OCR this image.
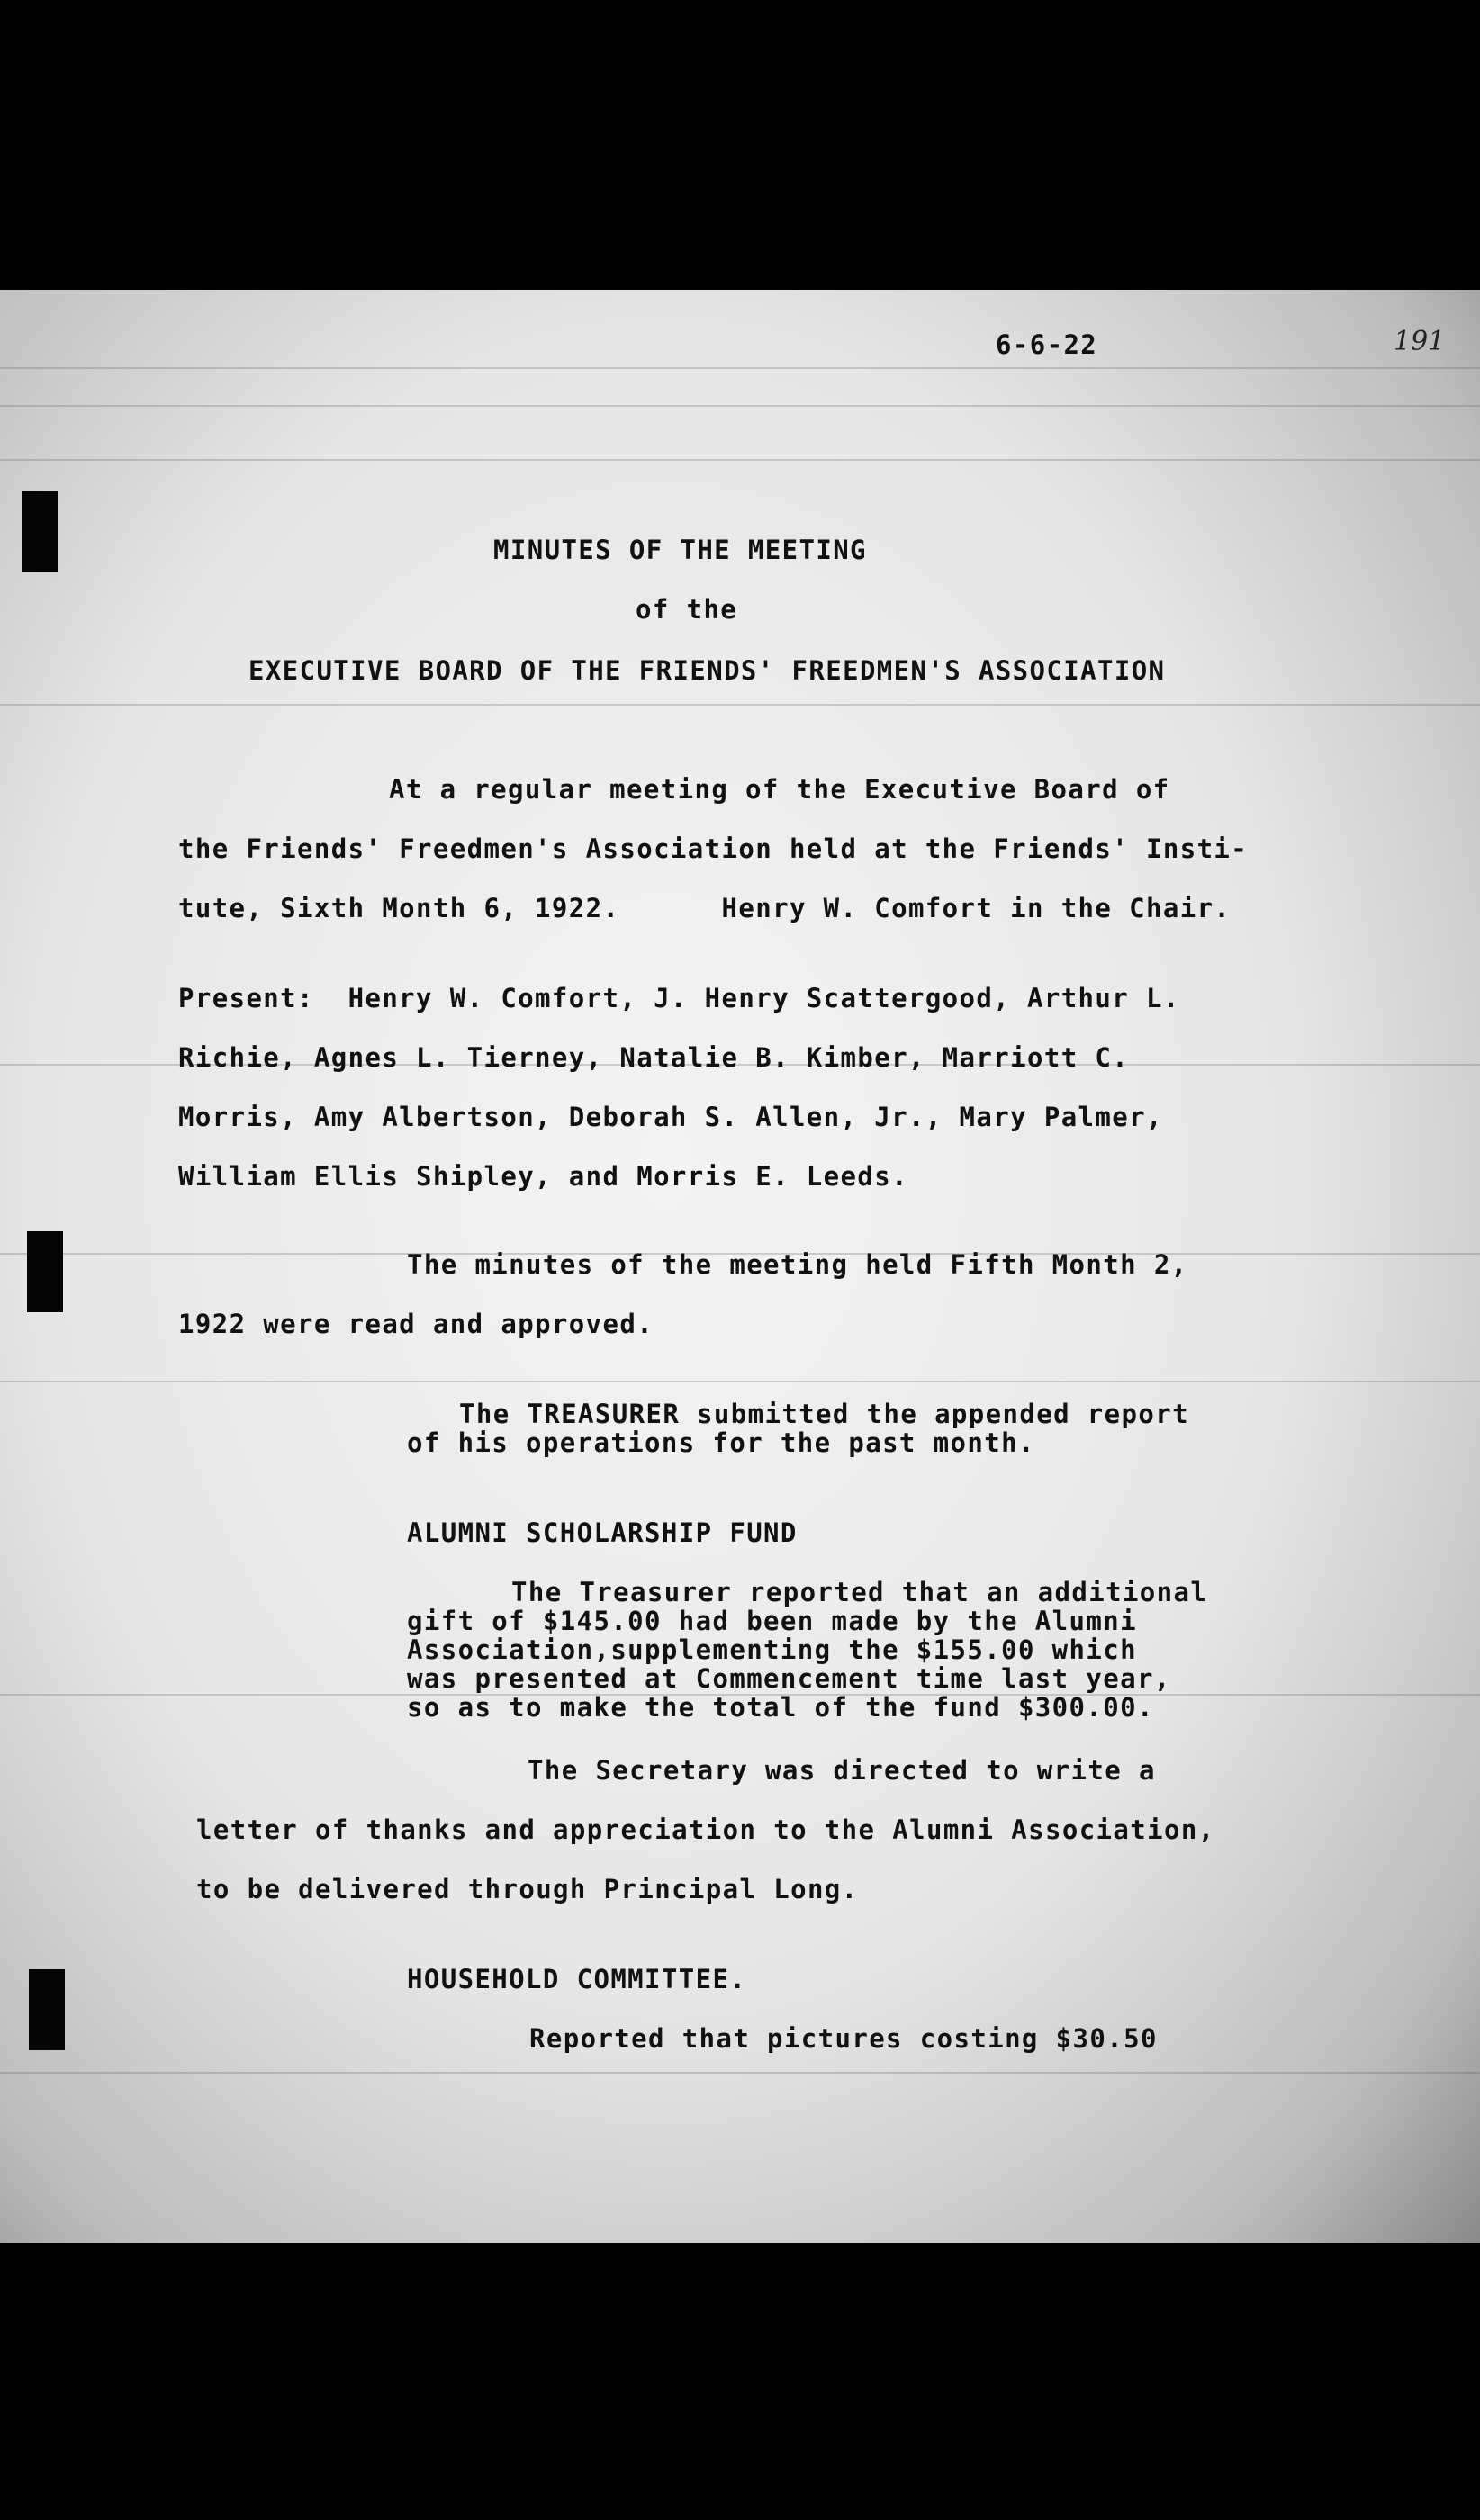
6-6-22	191
MINUTES OF THE MEETING
of the
EXECUTIVE BOARD OF THE FRIENDS' FREEDMEN'S ASSOCIATION
At a regular meeting of the Executive Board of
the Friends' Freedmen's Association held at the Friends' Insti-
tute, Sixth Month 6, 1922.      Henry W. Comfort in the Chair.
Present:  Henry W. Comfort, J. Henry Scattergood, Arthur L.
Richie, Agnes L. Tierney, Natalie B. Kimber, Marriott C.
Morris, Amy Albertson, Deborah S. Allen, Jr., Mary Palmer,
William Ellis Shipley, and Morris E. Leeds.
The minutes of the meeting held Fifth Month 2,
1922 were read and approved.
The TREASURER submitted the appended report
of his operations for the past month.
ALUMNI SCHOLARSHIP FUND
The Treasurer reported that an additional
gift of $145.00 had been made by the Alumni
Association,supplementing the $155.00 which
was presented at Commencement time last year,
so as to make the total of the fund $300.00.
The Secretary was directed to write a
letter of thanks and appreciation to the Alumni Association,
to be delivered through Principal Long.
HOUSEHOLD COMMITTEE.
Reported that pictures costing $30.50
